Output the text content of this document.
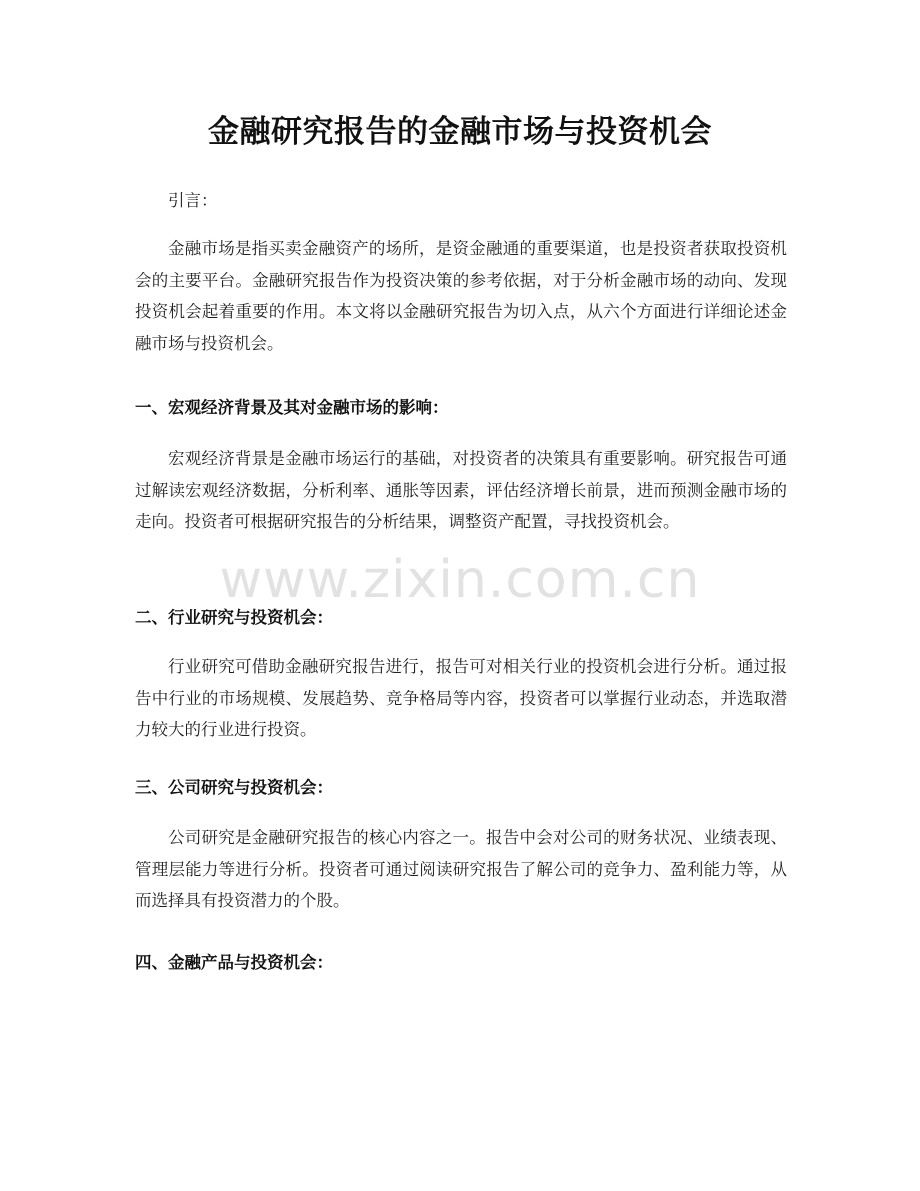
金融研究报告的金融市场与投资机会

引言：

金融市场是指买卖金融资产的场所，是资金融通的重要渠道，也是投资者获取投资机会的主要平台。金融研究报告作为投资决策的参考依据，对于分析金融市场的动向、发现投资机会起着重要的作用。本文将以金融研究报告为切入点，从六个方面进行详细论述金融市场与投资机会。

一、宏观经济背景及其对金融市场的影响：

宏观经济背景是金融市场运行的基础，对投资者的决策具有重要影响。研究报告可通过解读宏观经济数据，分析利率、通胀等因素，评估经济增长前景，进而预测金融市场的走向。投资者可根据研究报告的分析结果，调整资产配置，寻找投资机会。

二、行业研究与投资机会：

行业研究可借助金融研究报告进行，报告可对相关行业的投资机会进行分析。通过报告中行业的市场规模、发展趋势、竞争格局等内容，投资者可以掌握行业动态，并选取潜力较大的行业进行投资。

三、公司研究与投资机会：

公司研究是金融研究报告的核心内容之一。报告中会对公司的财务状况、业绩表现、管理层能力等进行分析。投资者可通过阅读研究报告了解公司的竞争力、盈利能力等，从而选择具有投资潜力的个股。

四、金融产品与投资机会：

www.zixin.com.cn
